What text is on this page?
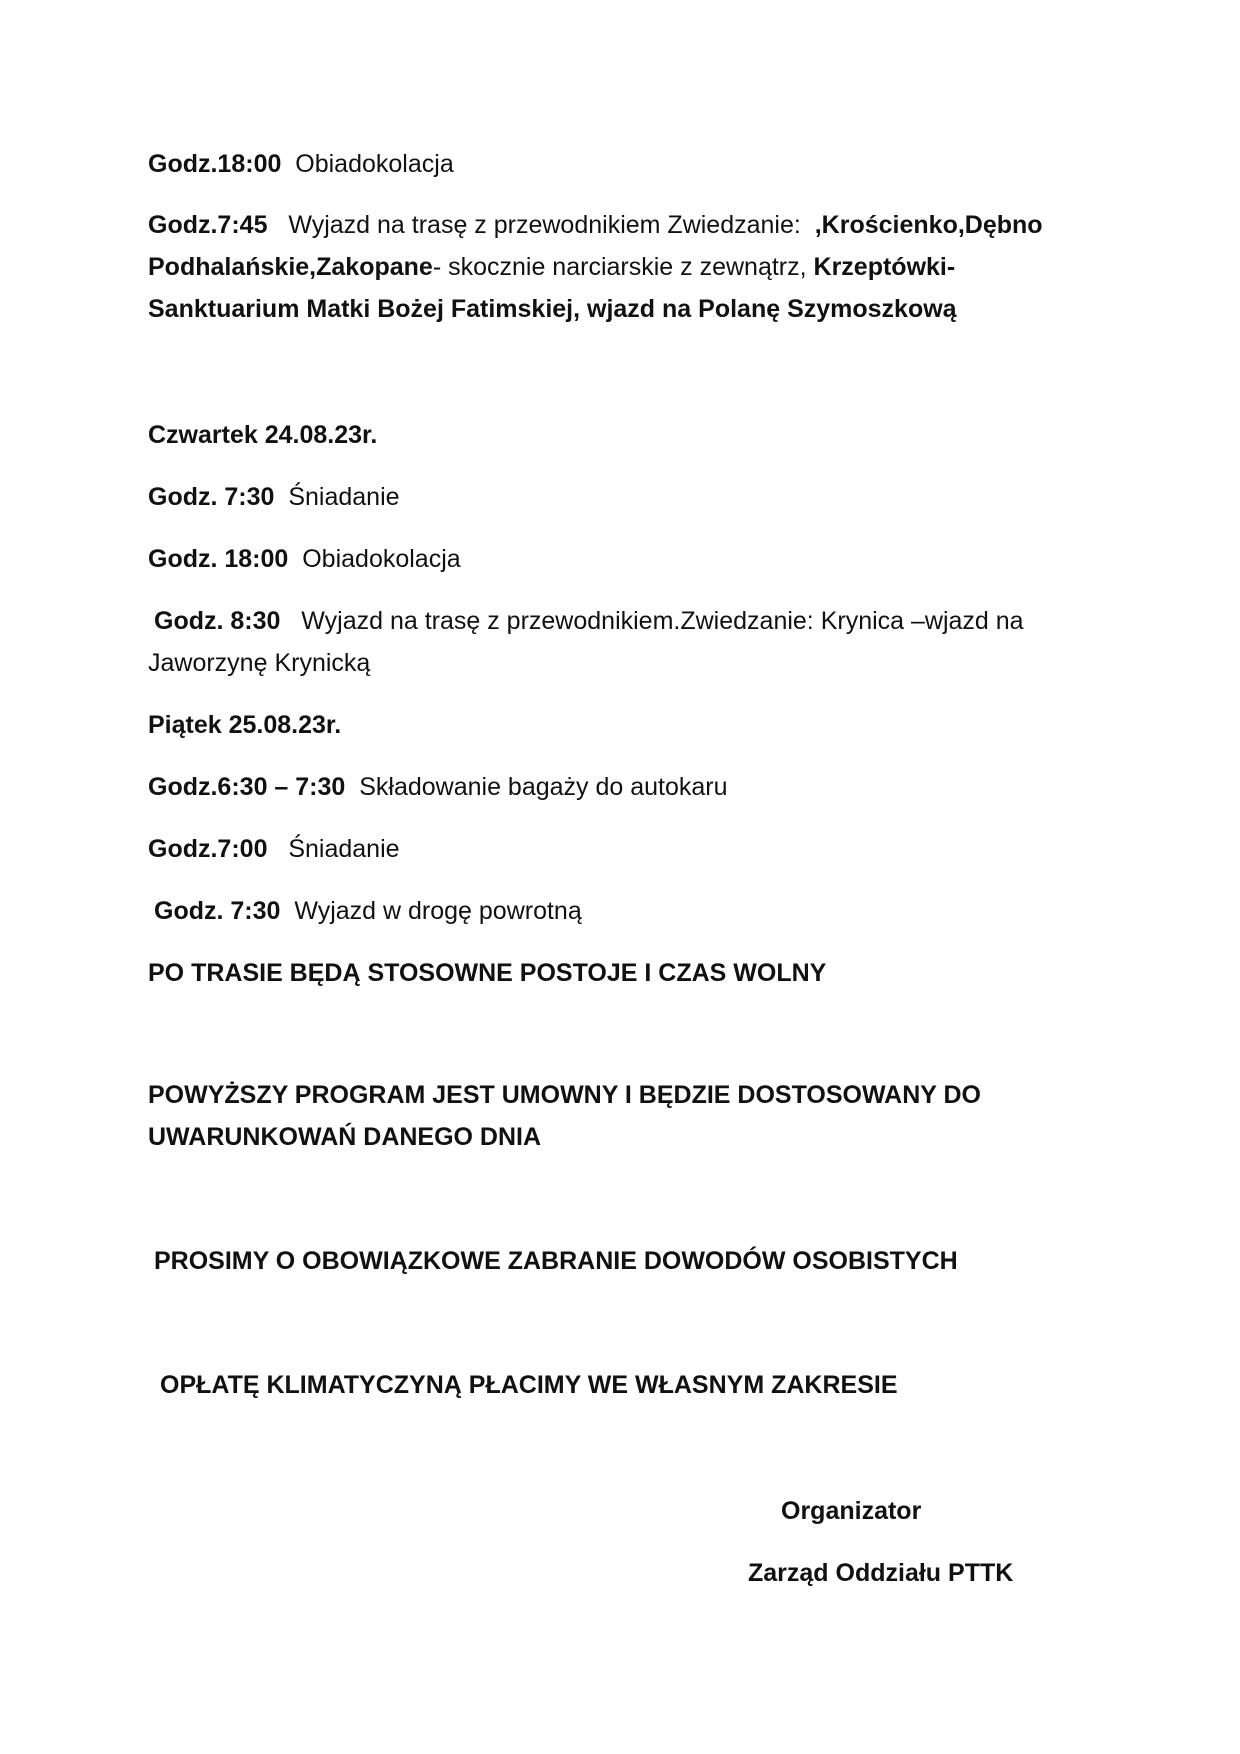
Godz.18:00 Obiadokolacja
Godz.7:45 Wyjazd na trasę z przewodnikiem Zwiedzanie: ,Krościenko,Dębno
Podhalańskie,Zakopane- skocznie narciarskie z zewnątrz, Krzeptówki-
Sanktuarium Matki Bożej Fatimskiej, wjazd na Polanę Szymoszkową
Czwartek 24.08.23r.
Godz. 7:30 Śniadanie
Godz. 18:00 Obiadokolacja
Godz. 8:30 Wyjazd na trasę z przewodnikiem.Zwiedzanie: Krynica –wjazd na
Jaworzynę Krynicką
Piątek 25.08.23r.
Godz.6:30 – 7:30 Składowanie bagaży do autokaru
Godz.7:00 Śniadanie
Godz. 7:30 Wyjazd w drogę powrotną
PO TRASIE BĘDĄ STOSOWNE POSTOJE I CZAS WOLNY
POWYŻSZY PROGRAM JEST UMOWNY I BĘDZIE DOSTOSOWANY DO
UWARUNKOWAŃ DANEGO DNIA
PROSIMY O OBOWIĄZKOWE ZABRANIE DOWODÓW OSOBISTYCH
OPŁATĘ KLIMATYCZYNĄ PŁACIMY WE WŁASNYM ZAKRESIE
Organizator
Zarząd Oddziału PTTK
